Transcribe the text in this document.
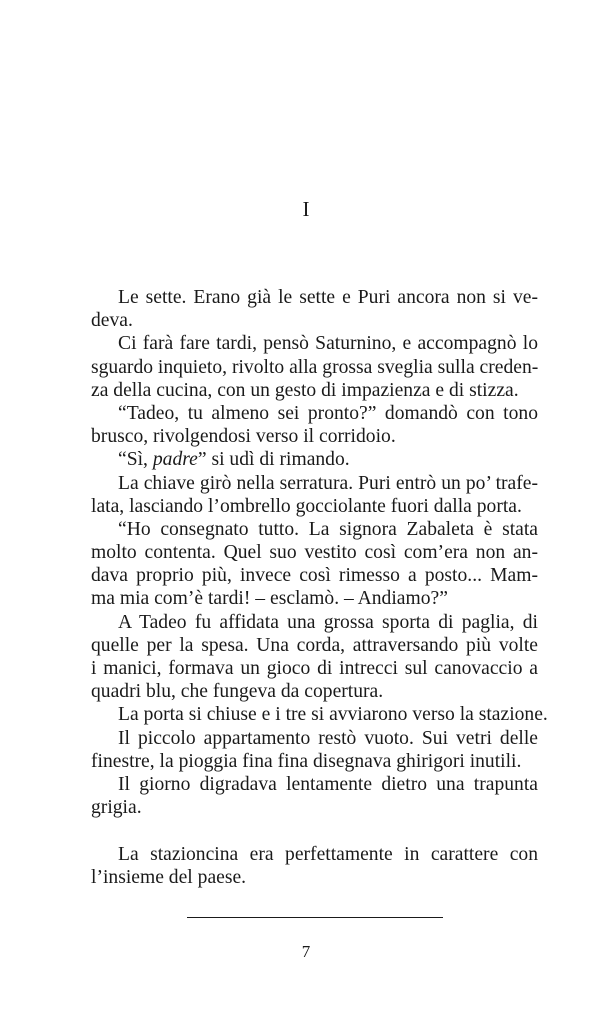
I
Le sette. Erano già le sette e Puri ancora non si ve-
deva.
Ci farà fare tardi, pensò Saturnino, e accompagnò lo
sguardo inquieto, rivolto alla grossa sveglia sulla creden-
za della cucina, con un gesto di impazienza e di stizza.
“Tadeo, tu almeno sei pronto?” domandò con tono
brusco, rivolgendosi verso il corridoio.
“Sì, padre” si udì di rimando.
La chiave girò nella serratura. Puri entrò un po’ trafe-
lata, lasciando l’ombrello gocciolante fuori dalla porta.
“Ho consegnato tutto. La signora Zabaleta è stata
molto contenta. Quel suo vestito così com’era non an-
dava proprio più, invece così rimesso a posto... Mam-
ma mia com’è tardi! – esclamò. – Andiamo?”
A Tadeo fu affidata una grossa sporta di paglia, di
quelle per la spesa. Una corda, attraversando più volte
i manici, formava un gioco di intrecci sul canovaccio a
quadri blu, che fungeva da copertura.
La porta si chiuse e i tre si avviarono verso la stazione.
Il piccolo appartamento restò vuoto. Sui vetri delle
finestre, la pioggia fina fina disegnava ghirigori inutili.
Il giorno digradava lentamente dietro una trapunta
grigia.
La stazioncina era perfettamente in carattere con
l’insieme del paese.
7
